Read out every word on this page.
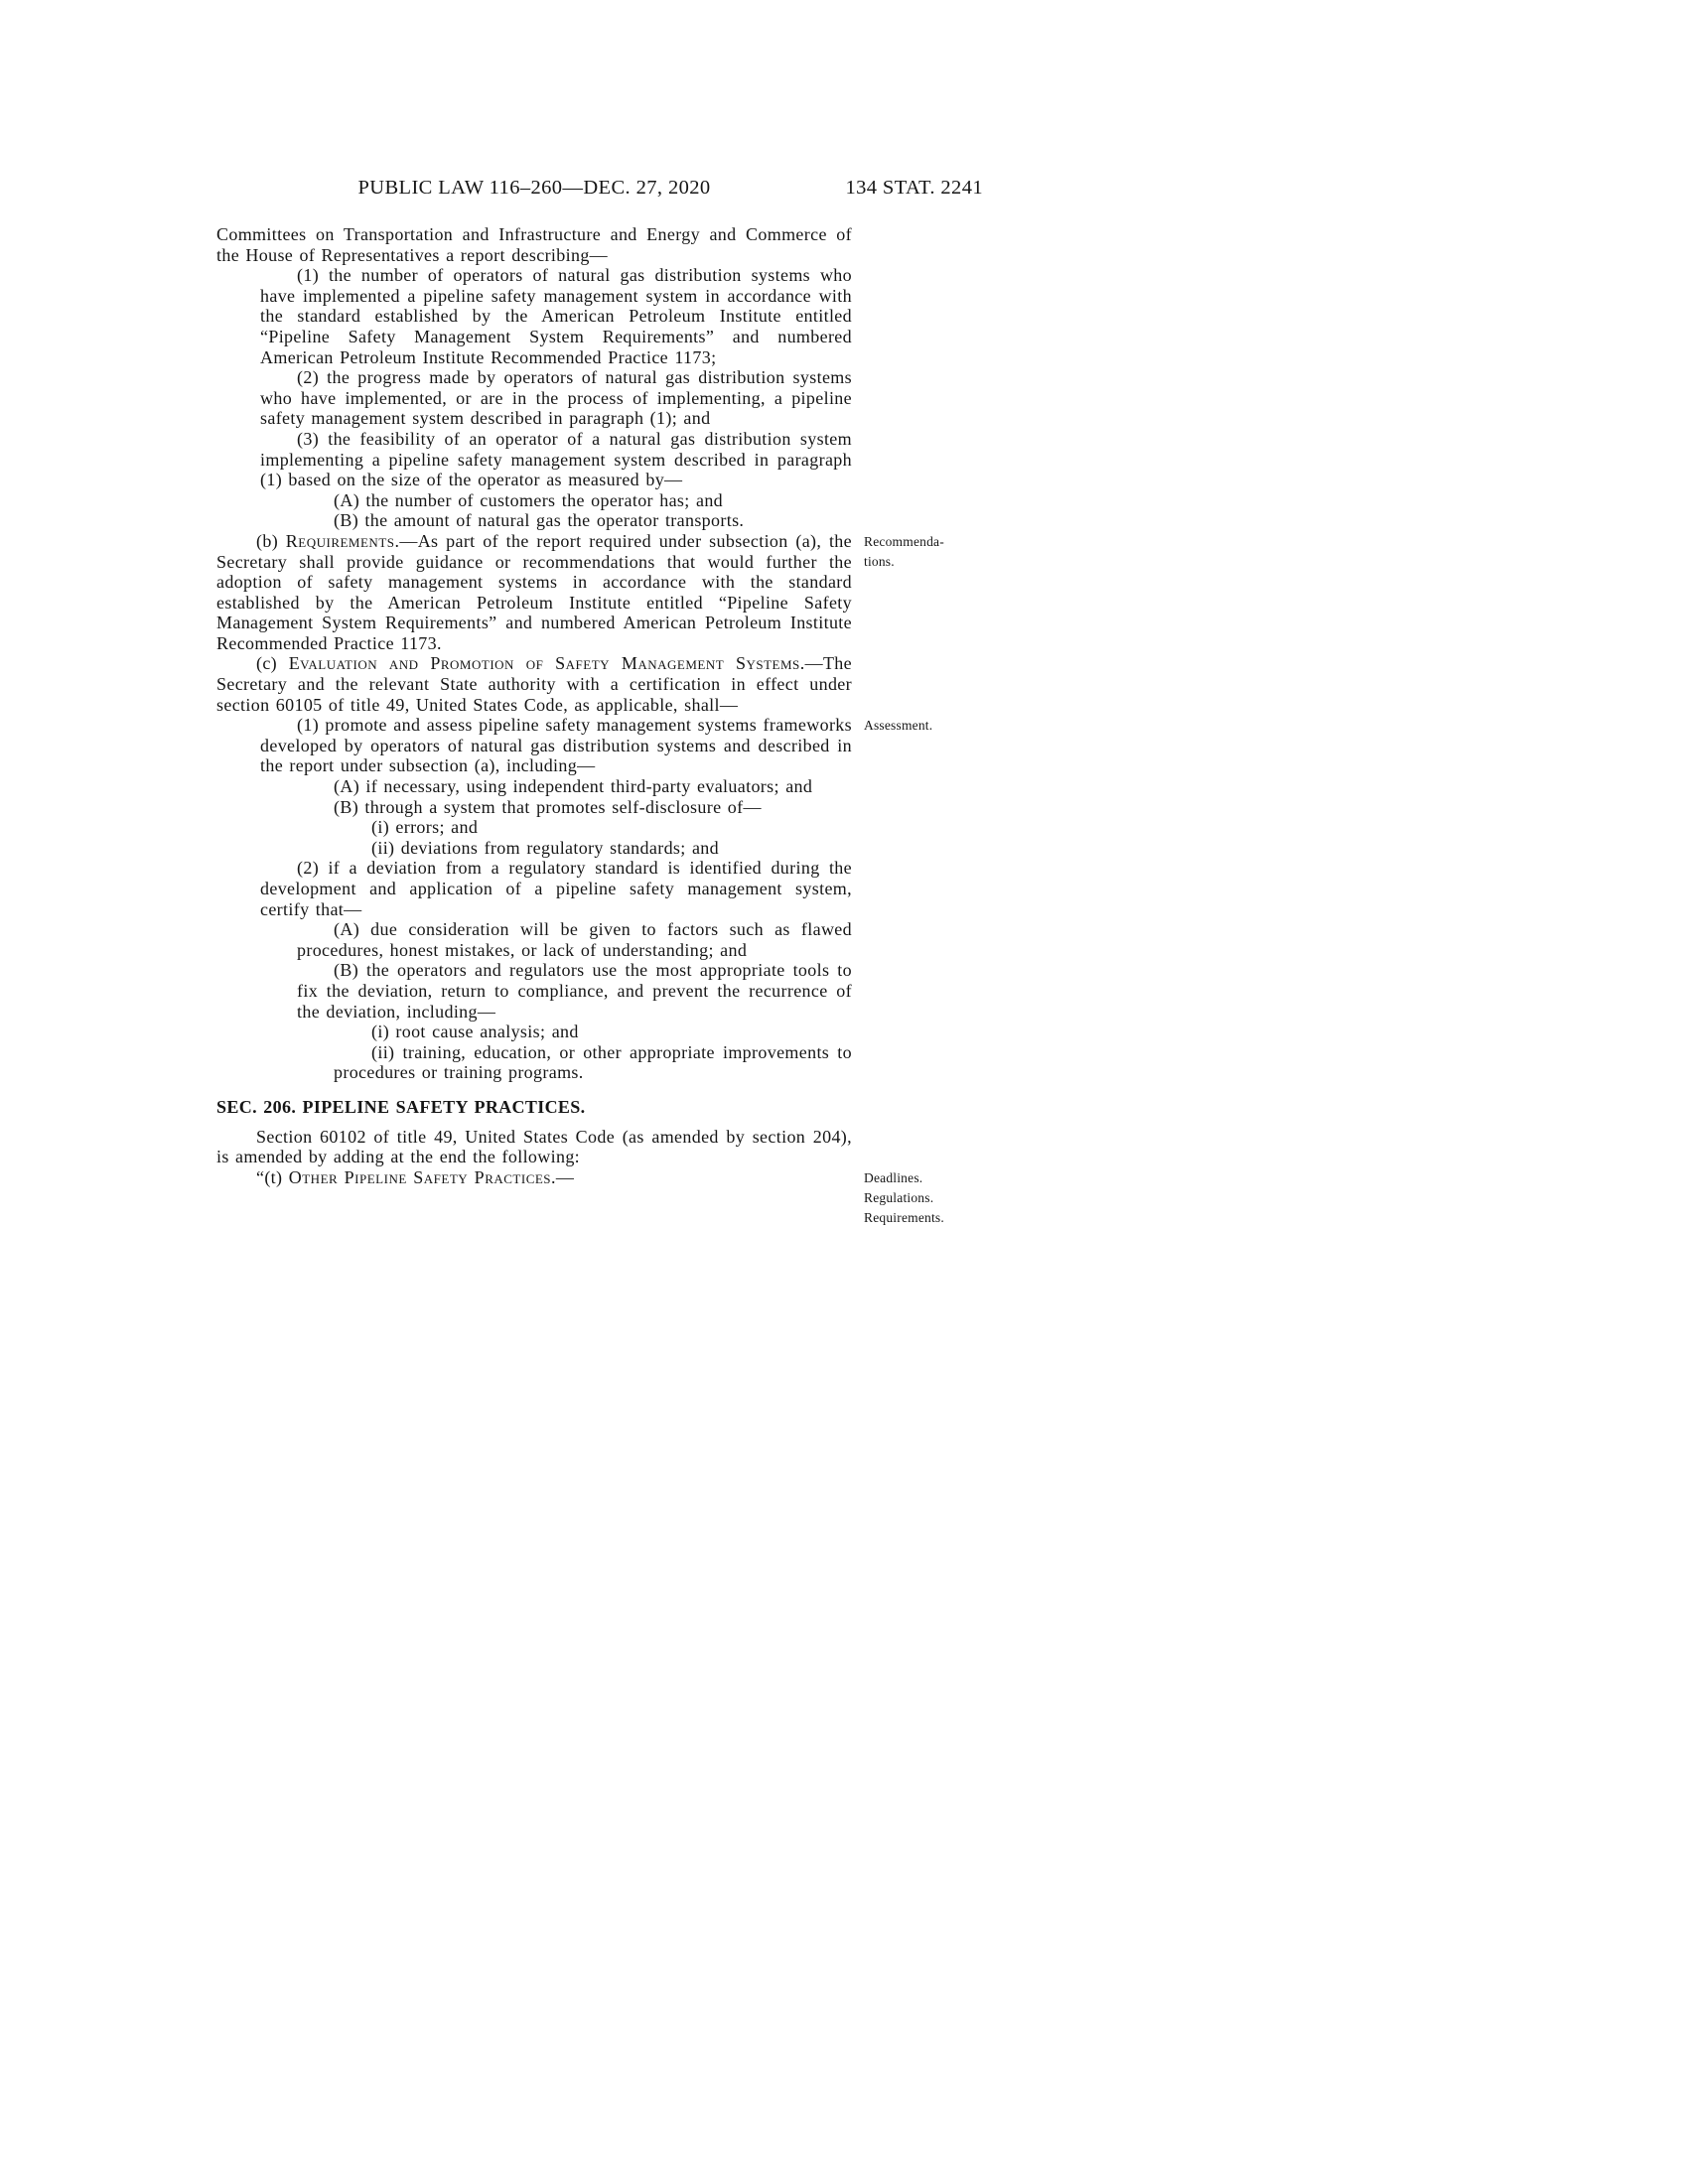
PUBLIC LAW 116–260—DEC. 27, 2020	134 STAT. 2241

Committees on Transportation and Infrastructure and Energy and Commerce of the House of Representatives a report describing—

(1) the number of operators of natural gas distribution systems who have implemented a pipeline safety management system in accordance with the standard established by the American Petroleum Institute entitled “Pipeline Safety Management System Requirements” and numbered American Petroleum Institute Recommended Practice 1173;

(2) the progress made by operators of natural gas distribution systems who have implemented, or are in the process of implementing, a pipeline safety management system described in paragraph (1); and

(3) the feasibility of an operator of a natural gas distribution system implementing a pipeline safety management system described in paragraph (1) based on the size of the operator as measured by—

(A) the number of customers the operator has; and

(B) the amount of natural gas the operator transports.

(b) Requirements.—As part of the report required under subsection (a), the Secretary shall provide guidance or recommendations that would further the adoption of safety management systems in accordance with the standard established by the American Petroleum Institute entitled “Pipeline Safety Management System Requirements” and numbered American Petroleum Institute Recommended Practice 1173.
Recommenda-
tions.

(c) Evaluation and Promotion of Safety Management Systems.—The Secretary and the relevant State authority with a certification in effect under section 60105 of title 49, United States Code, as applicable, shall—

(1) promote and assess pipeline safety management systems frameworks developed by operators of natural gas distribution systems and described in the report under subsection (a), including—
Assessment.

(A) if necessary, using independent third-party evaluators; and

(B) through a system that promotes self-disclosure of—

(i) errors; and

(ii) deviations from regulatory standards; and

(2) if a deviation from a regulatory standard is identified during the development and application of a pipeline safety management system, certify that—

(A) due consideration will be given to factors such as flawed procedures, honest mistakes, or lack of understanding; and

(B) the operators and regulators use the most appropriate tools to fix the deviation, return to compliance, and prevent the recurrence of the deviation, including—

(i) root cause analysis; and

(ii) training, education, or other appropriate improvements to procedures or training programs.

SEC. 206. PIPELINE SAFETY PRACTICES.

Section 60102 of title 49, United States Code (as amended by section 204), is amended by adding at the end the following:

“(t) Other Pipeline Safety Practices.—	Deadlines.
Regulations.
Requirements.
